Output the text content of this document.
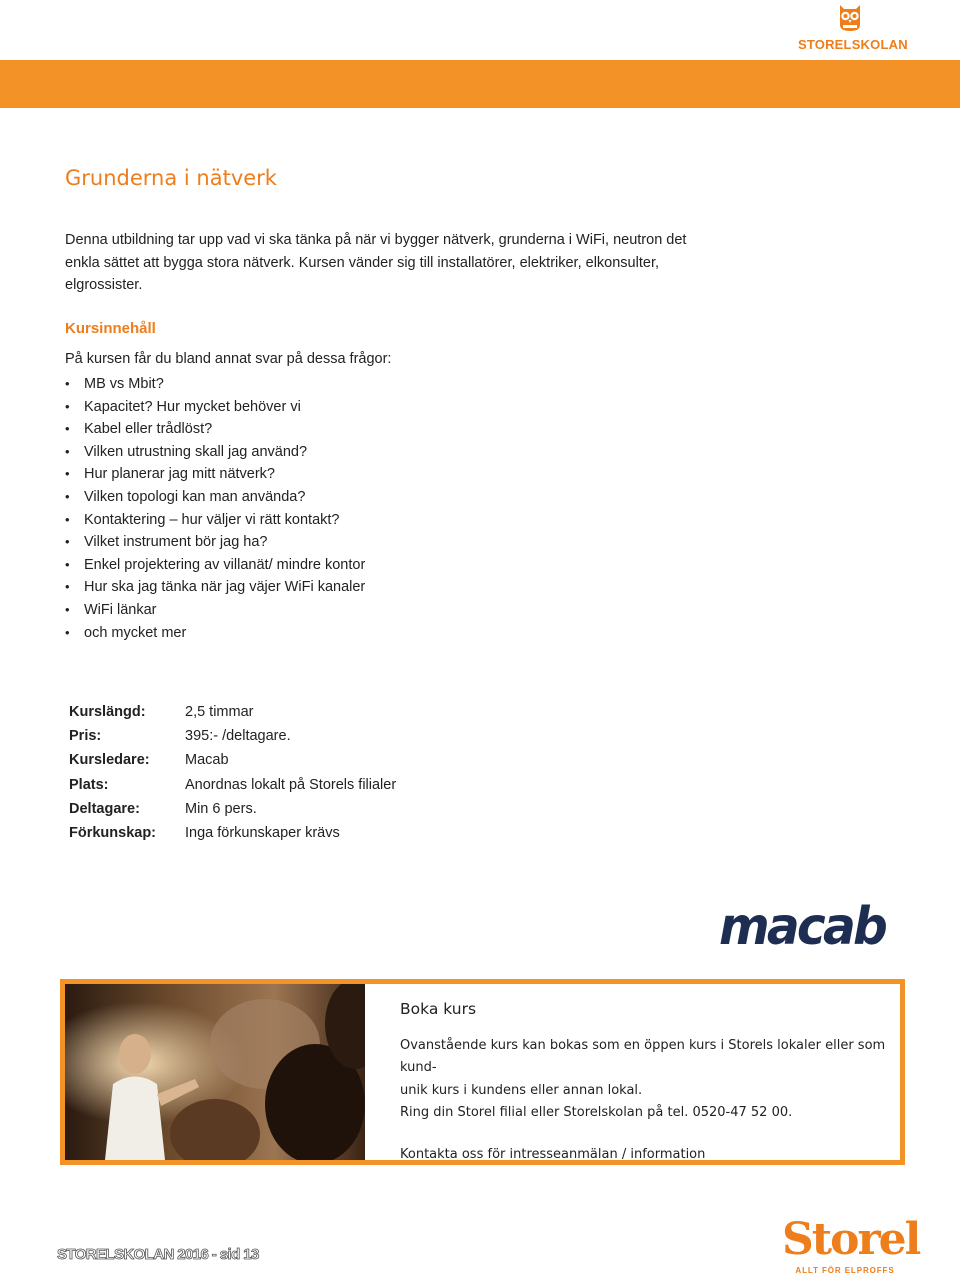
STORELSKOLAN
Grunderna i nätverk

Denna utbildning tar upp vad vi ska tänka på när vi bygger nätverk, grunderna i WiFi, neutron det enkla sättet att bygga stora nätverk. Kursen vänder sig till installatörer, elektriker, elkonsulter, elgrossister.

Kursinnehåll

På kursen får du bland annat svar på dessa frågor:

• MB vs Mbit?
• Kapacitet? Hur mycket behöver vi
• Kabel eller trådlöst?
• Vilken utrustning skall jag använd?
• Hur planerar jag mitt nätverk?
• Vilken topologi kan man använda?
• Kontaktering – hur väljer vi rätt kontakt?
• Vilket instrument bör jag ha?
• Enkel projektering av villanät/ mindre kontor
• Hur ska jag tänka när jag väjer WiFi kanaler
• WiFi länkar
• och mycket mer
Kurslängd:	2,5 timmar
Pris:	395:- /deltagare.
Kursledare:	Macab
Plats:	Anordnas lokalt på Storels filialer
Deltagare:	Min 6 pers.
Förkunskap:	Inga förkunskaper krävs
macab
Boka kurs

Ovanstående kurs kan bokas som en öppen kurs i Storels lokaler eller som kund-
unik kurs i kundens eller annan lokal.
Ring din Storel filial eller Storelskolan på tel. 0520-47 52 00.

Kontakta oss för intresseanmälan / information

STORELSKOLAN 2016 - sid 13	Storel
ALLT FÖR ELPROFFS
